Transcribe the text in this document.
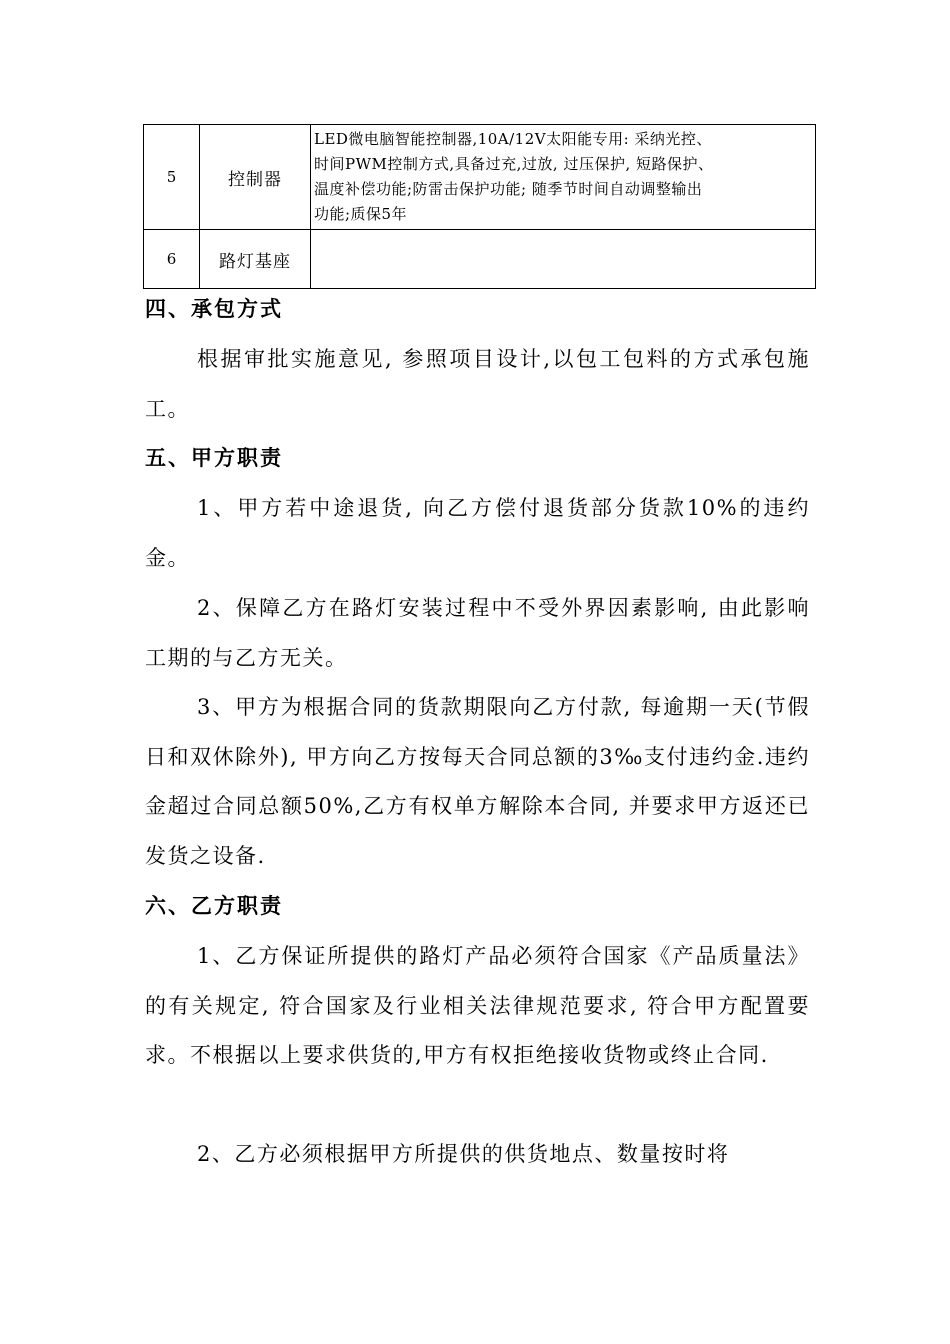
5	控制器	LED微电脑智能控制器,10A/12V太阳能专用: 采纳光控、
时间PWM控制方式,具备过充,过放, 过压保护, 短路保护、
温度补偿功能;防雷击保护功能; 随季节时间自动调整输出
功能;质保5年
6	路灯基座	
四、承包方式

根据审批实施意见, 参照项目设计,以包工包料的方式承包施工。

五、甲方职责

1、甲方若中途退货, 向乙方偿付退货部分货款10%的违约金。

2、保障乙方在路灯安装过程中不受外界因素影响, 由此影响工期的与乙方无关。

3、甲方为根据合同的货款期限向乙方付款, 每逾期一天(节假日和双休除外), 甲方向乙方按每天合同总额的3‰支付违约金.违约金超过合同总额50%,乙方有权单方解除本合同, 并要求甲方返还已发货之设备.

六、乙方职责

1、乙方保证所提供的路灯产品必须符合国家《产品质量法》的有关规定, 符合国家及行业相关法律规范要求, 符合甲方配置要求。不根据以上要求供货的,甲方有权拒绝接收货物或终止合同.

2、乙方必须根据甲方所提供的供货地点、数量按时将
